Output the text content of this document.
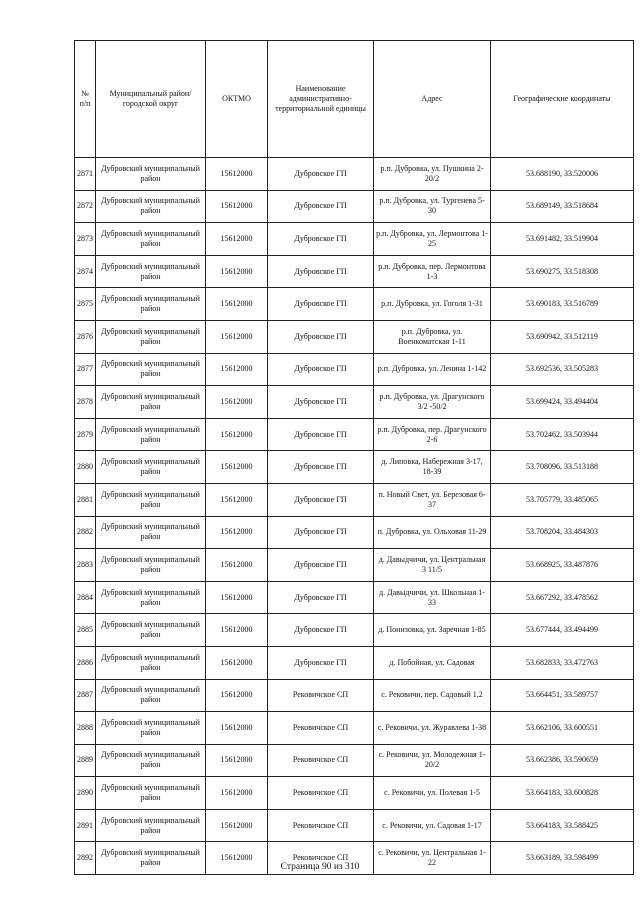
№ п/п	Муниципальный район/городской округ	ОКТМО	Наименование административно-территориальной единицы	Адрес	Географические координаты
2871	Дубровский муниципальный район	15612000	Дубровское ГП	р.п. Дубровка, ул. Пушкина 2-20/2	53.688190, 33.520006
2872	Дубровский муниципальный район	15612000	Дубровское ГП	р.п. Дубровка, ул. Тургенева 5-30	53.689149, 33.518684
2873	Дубровский муниципальный район	15612000	Дубровское ГП	р.п. Дубровка, ул. Лермонтова 1-25	53.691482, 33.519904
2874	Дубровский муниципальный район	15612000	Дубровское ГП	р.п. Дубровка, пер. Лермонтова 1-3	53.690275, 33.518308
2875	Дубровский муниципальный район	15612000	Дубровское ГП	р.п. Дубровка, ул. Гоголя 1-31	53.690183, 33.516789
2876	Дубровский муниципальный район	15612000	Дубровское ГП	р.п. Дубровка, ул. Военкоматская 1-11	53.690942, 33.512119
2877	Дубровский муниципальный район	15612000	Дубровское ГП	р.п. Дубровка, ул. Ленина 1-142	53.692536, 33.505283
2878	Дубровский муниципальный район	15612000	Дубровское ГП	р.п. Дубровка, ул. Драгунского 3/2 -50/2	53.699424, 33.494404
2879	Дубровский муниципальный район	15612000	Дубровское ГП	р.п. Дубровка, пер. Драгунского 2-6	53.702462, 33.503944
2880	Дубровский муниципальный район	15612000	Дубровское ГП	д. Липовка, Набережная 3-17, 18-39	53.708096, 33.513188
2881	Дубровский муниципальный район	15612000	Дубровское ГП	п. Новый Свет, ул. Березовая 6-37	53.705779, 33.485065
2882	Дубровский муниципальный район	15612000	Дубровское ГП	п. Дубровка, ул. Ольховая 11-29	53.708204, 33.484303
2883	Дубровский муниципальный район	15612000	Дубровское ГП	д. Давыдчичи, ул. Центральная 3 11/5	53.668925, 33.487876
2884	Дубровский муниципальный район	15612000	Дубровское ГП	д. Давыдчичи, ул. Школьная 1-33	53.667292, 33.478562
2885	Дубровский муниципальный район	15612000	Дубровское ГП	д. Понизовка, ул. Заречная 1-85	53.677444, 33.494499
2886	Дубровский муниципальный район	15612000	Дубровское ГП	д. Побойная, ул. Садовая	53.682833, 33.472763
2887	Дубровский муниципальный район	15612000	Рековичское СП	с. Рековичи, пер. Садовый 1,2	53.664451, 33.589757
2888	Дубровский муниципальный район	15612000	Рековичское СП	с. Рековичи, ул. Журавлева 1-38	53.662106, 33.600551
2889	Дубровский муниципальный район	15612000	Рековичское СП	с. Рековичи, ул. Молодежная 1-20/2	53.662386, 33.590659
2890	Дубровский муниципальный район	15612000	Рековичское СП	с. Рековичи, ул. Полевая 1-5	53.664183, 33.600828
2891	Дубровский муниципальный район	15612000	Рековичское СП	с. Рековичи, ул. Садовая 1-17	53.664183, 33.588425
2892	Дубровский муниципальный район	15612000	Рековичское СП	с. Рековичи, ул. Центральная 1-22	53.663189, 33.598499
Страница 90 из 310
